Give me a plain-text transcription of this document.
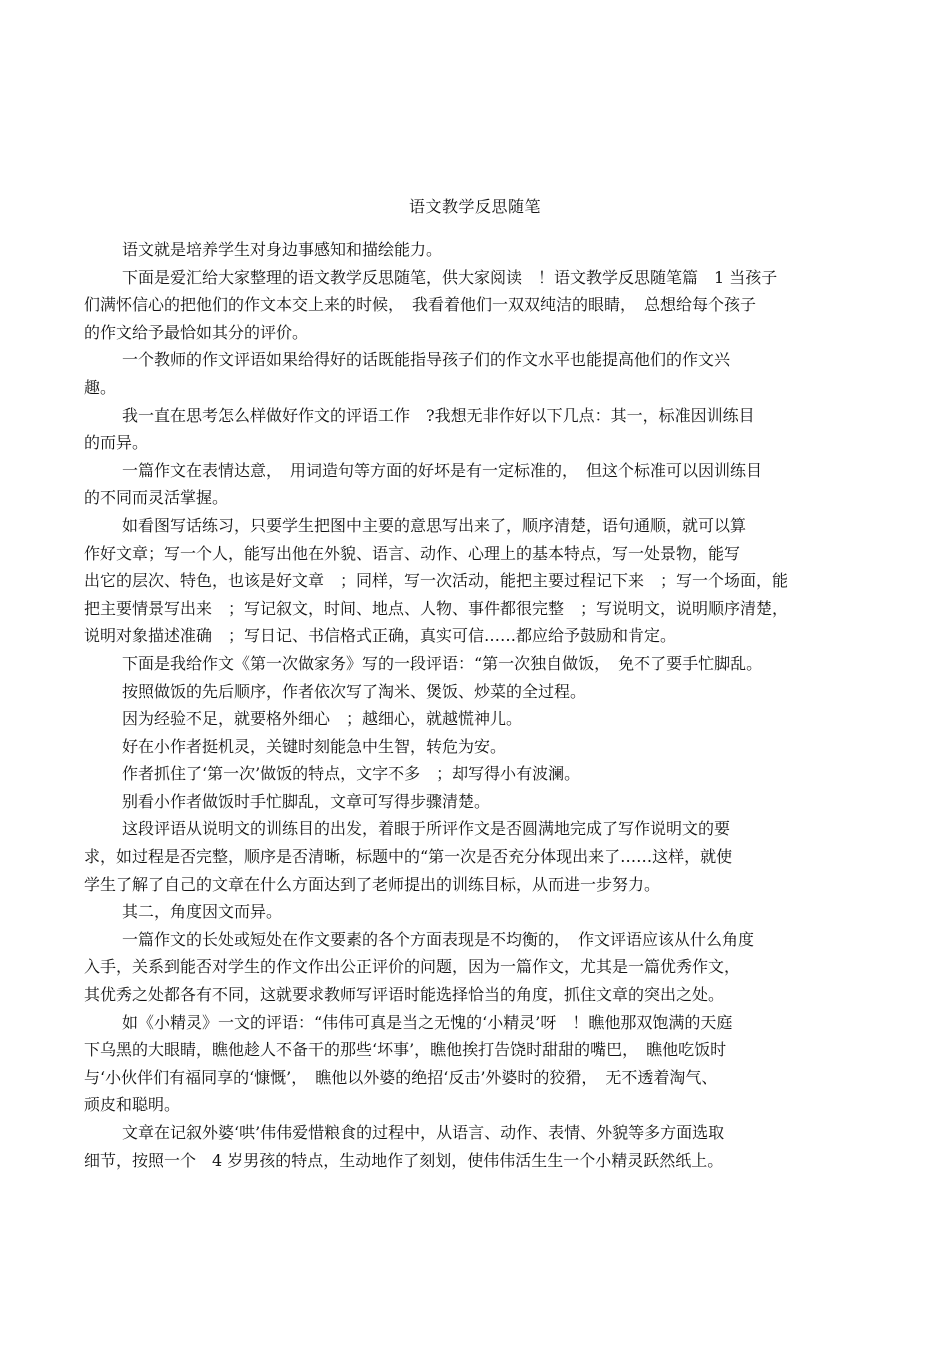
语文教学反思随笔
语文就是培养学生对身边事感知和描绘能力。
下面是爱汇给大家整理的语文教学反思随笔，供大家阅读　！语文教学反思随笔篇　1 当孩子
们满怀信心的把他们的作文本交上来的时候，　我看着他们一双双纯洁的眼睛，　总想给每个孩子
的作文给予最恰如其分的评价。
一个教师的作文评语如果给得好的话既能指导孩子们的作文水平也能提高他们的作文兴
趣。
我一直在思考怎么样做好作文的评语工作　?我想无非作好以下几点：其一，标准因训练目
的而异。
一篇作文在表情达意，　用词造句等方面的好坏是有一定标准的，　但这个标准可以因训练目
的不同而灵活掌握。
如看图写话练习，只要学生把图中主要的意思写出来了，顺序清楚，语句通顺，就可以算
作好文章；写一个人，能写出他在外貌、语言、动作、心理上的基本特点，写一处景物，能写
出它的层次、特色，也该是好文章　；同样，写一次活动，能把主要过程记下来　；写一个场面，能
把主要情景写出来　；写记叙文，时间、地点、人物、事件都很完整　；写说明文，说明顺序清楚，
说明对象描述准确　；写日记、书信格式正确，真实可信……都应给予鼓励和肯定。
下面是我给作文《第一次做家务》写的一段评语：“第一次独自做饭，　免不了要手忙脚乱。
按照做饭的先后顺序，作者依次写了淘米、煲饭、炒菜的全过程。
因为经验不足，就要格外细心　；越细心，就越慌神儿。
好在小作者挺机灵，关键时刻能急中生智，转危为安。
作者抓住了‘第一次’做饭的特点，文字不多　；却写得小有波澜。
别看小作者做饭时手忙脚乱，文章可写得步骤清楚。
这段评语从说明文的训练目的出发，着眼于所评作文是否圆满地完成了写作说明文的要
求，如过程是否完整，顺序是否清晰，标题中的“第一次是否充分体现出来了……这样，就使
学生了解了自己的文章在什么方面达到了老师提出的训练目标，从而进一步努力。
其二，角度因文而异。
一篇作文的长处或短处在作文要素的各个方面表现是不均衡的，　作文评语应该从什么角度
入手，关系到能否对学生的作文作出公正评价的问题，因为一篇作文，尤其是一篇优秀作文，
其优秀之处都各有不同，这就要求教师写评语时能选择恰当的角度，抓住文章的突出之处。
如《小精灵》一文的评语：“伟伟可真是当之无愧的‘小精灵’呀　！瞧他那双饱满的天庭
下乌黑的大眼睛，瞧他趁人不备干的那些‘坏事’，瞧他挨打告饶时甜甜的嘴巴，　瞧他吃饭时
与‘小伙伴们有福同享的‘慷慨’，　瞧他以外婆的绝招‘反击’外婆时的狡猾，　无不透着淘气、
顽皮和聪明。
文章在记叙外婆‘哄’伟伟爱惜粮食的过程中，从语言、动作、表情、外貌等多方面选取
细节，按照一个　4 岁男孩的特点，生动地作了刻划，使伟伟活生生一个小精灵跃然纸上。
